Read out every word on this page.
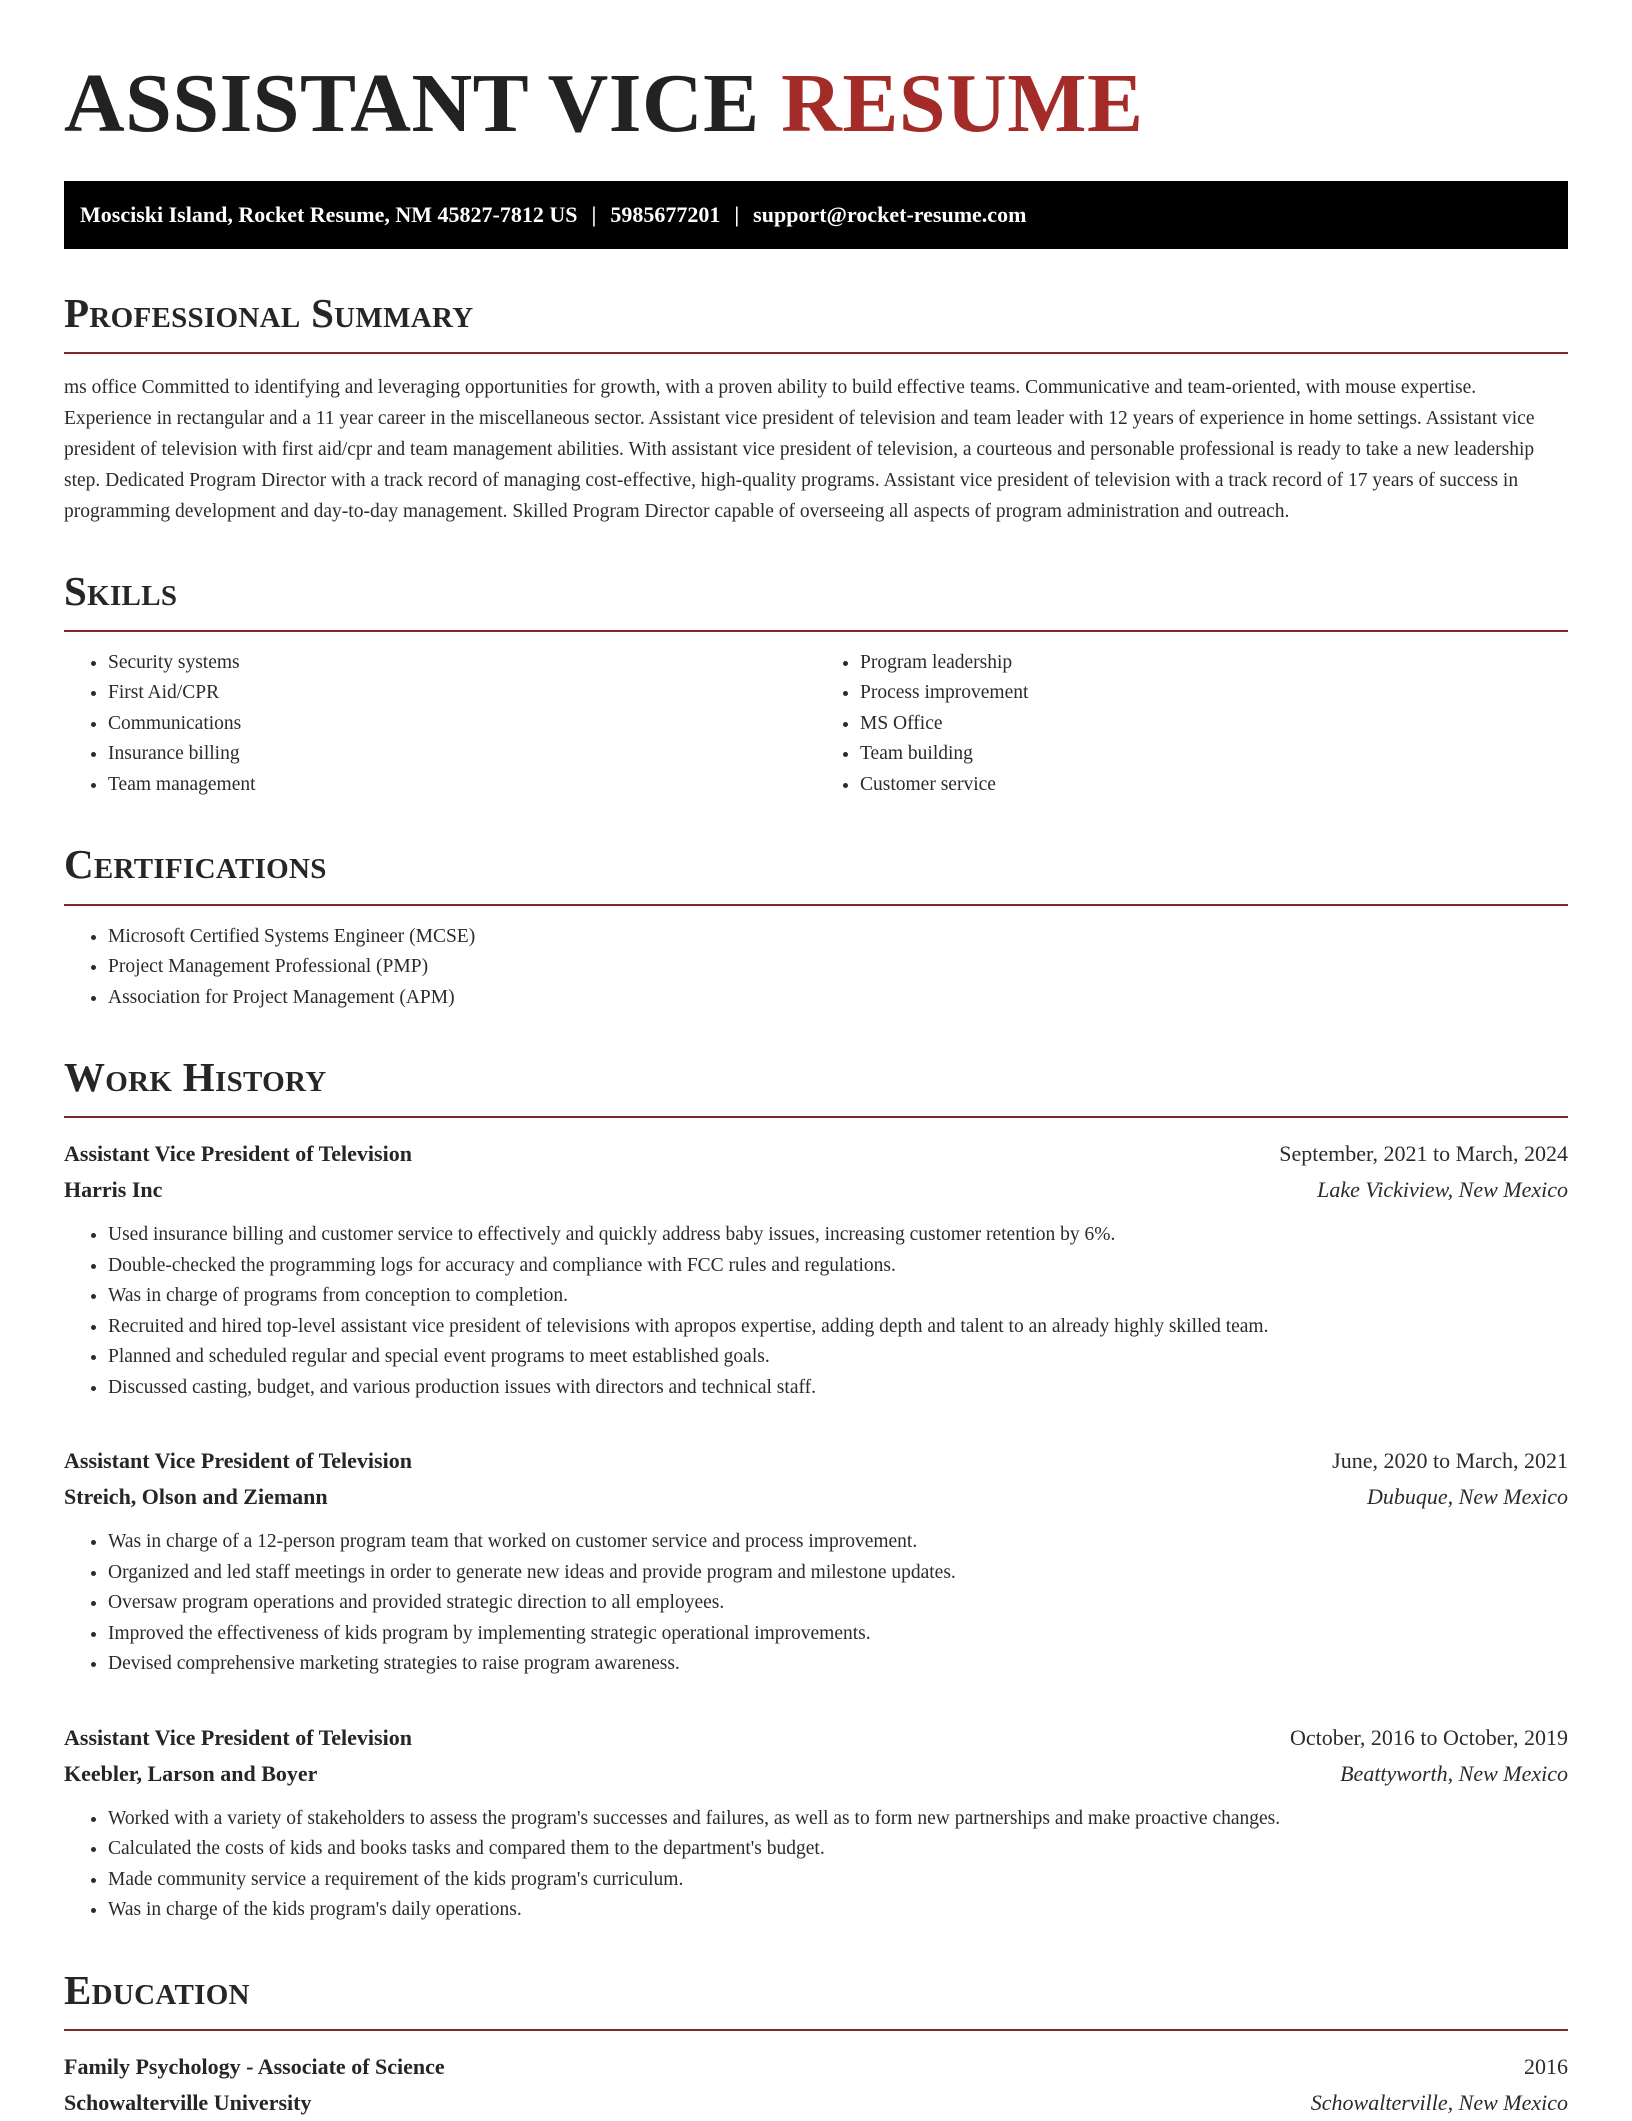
ASSISTANT VICE RESUME
Mosciski Island, Rocket Resume, NM 45827-7812 US | 5985677201 | support@rocket-resume.com
Professional Summary

ms office Committed to identifying and leveraging opportunities for growth, with a proven ability to build effective teams. Communicative and team-oriented, with mouse expertise. Experience in rectangular and a 11 year career in the miscellaneous sector. Assistant vice president of television and team leader with 12 years of experience in home settings. Assistant vice president of television with first aid/cpr and team management abilities. With assistant vice president of television, a courteous and personable professional is ready to take a new leadership step. Dedicated Program Director with a track record of managing cost-effective, high-quality programs. Assistant vice president of television with a track record of 17 years of success in programming development and day-to-day management. Skilled Program Director capable of overseeing all aspects of program administration and outreach.

Skills
• Security systems
• First Aid/CPR
• Communications
• Insurance billing
• Team management
• Program leadership
• Process improvement
• MS Office
• Team building
• Customer service
Certifications
• Microsoft Certified Systems Engineer (MCSE)
• Project Management Professional (PMP)
• Association for Project Management (APM)
Work History
Assistant Vice President of Television	September, 2021 to March, 2024
Harris Inc	Lake Vickiview, New Mexico
• Used insurance billing and customer service to effectively and quickly address baby issues, increasing customer retention by 6%.
• Double-checked the programming logs for accuracy and compliance with FCC rules and regulations.
• Was in charge of programs from conception to completion.
• Recruited and hired top-level assistant vice president of televisions with apropos expertise, adding depth and talent to an already highly skilled team.
• Planned and scheduled regular and special event programs to meet established goals.
• Discussed casting, budget, and various production issues with directors and technical staff.
Assistant Vice President of Television	June, 2020 to March, 2021
Streich, Olson and Ziemann	Dubuque, New Mexico
• Was in charge of a 12-person program team that worked on customer service and process improvement.
• Organized and led staff meetings in order to generate new ideas and provide program and milestone updates.
• Oversaw program operations and provided strategic direction to all employees.
• Improved the effectiveness of kids program by implementing strategic operational improvements.
• Devised comprehensive marketing strategies to raise program awareness.
Assistant Vice President of Television	October, 2016 to October, 2019
Keebler, Larson and Boyer	Beattyworth, New Mexico
• Worked with a variety of stakeholders to assess the program's successes and failures, as well as to form new partnerships and make proactive changes.
• Calculated the costs of kids and books tasks and compared them to the department's budget.
• Made community service a requirement of the kids program's curriculum.
• Was in charge of the kids program's daily operations.
Education
Family Psychology - Associate of Science	2016
Schowalterville University	Schowalterville, New Mexico
